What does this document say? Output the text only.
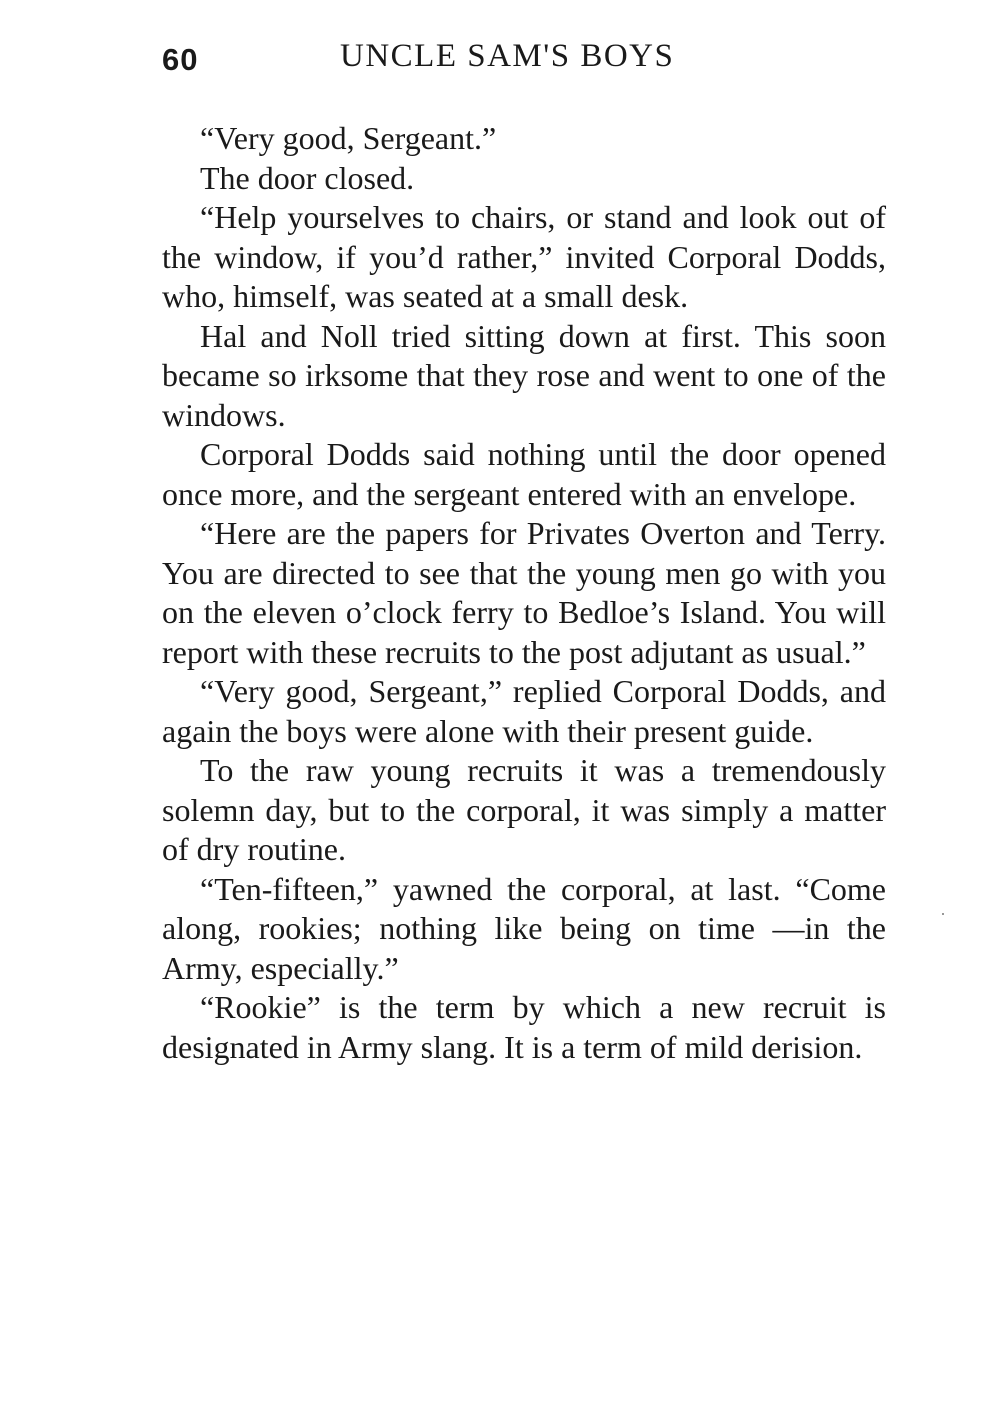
60	UNCLE SAM'S BOYS

“Very good, Sergeant.”

The door closed.

“Help yourselves to chairs, or stand and look out of the window, if you’d rather,” invited Corporal Dodds, who, himself, was seated at a small desk.

Hal and Noll tried sitting down at first. This soon became so irksome that they rose and went to one of the windows.

Corporal Dodds said nothing until the door opened once more, and the sergeant entered with an envelope.

“Here are the papers for Privates Overton and Terry. You are directed to see that the young men go with you on the eleven o’clock ferry to Bedloe’s Island. You will report with these recruits to the post adjutant as usual.”

“Very good, Sergeant,” replied Corporal Dodds, and again the boys were alone with their present guide.

To the raw young recruits it was a tremendously solemn day, but to the corporal, it was simply a matter of dry routine.

“Ten-fifteen,” yawned the corporal, at last. “Come along, rookies; nothing like being on time —in the Army, especially.”

“Rookie” is the term by which a new recruit is designated in Army slang. It is a term of mild derision.
